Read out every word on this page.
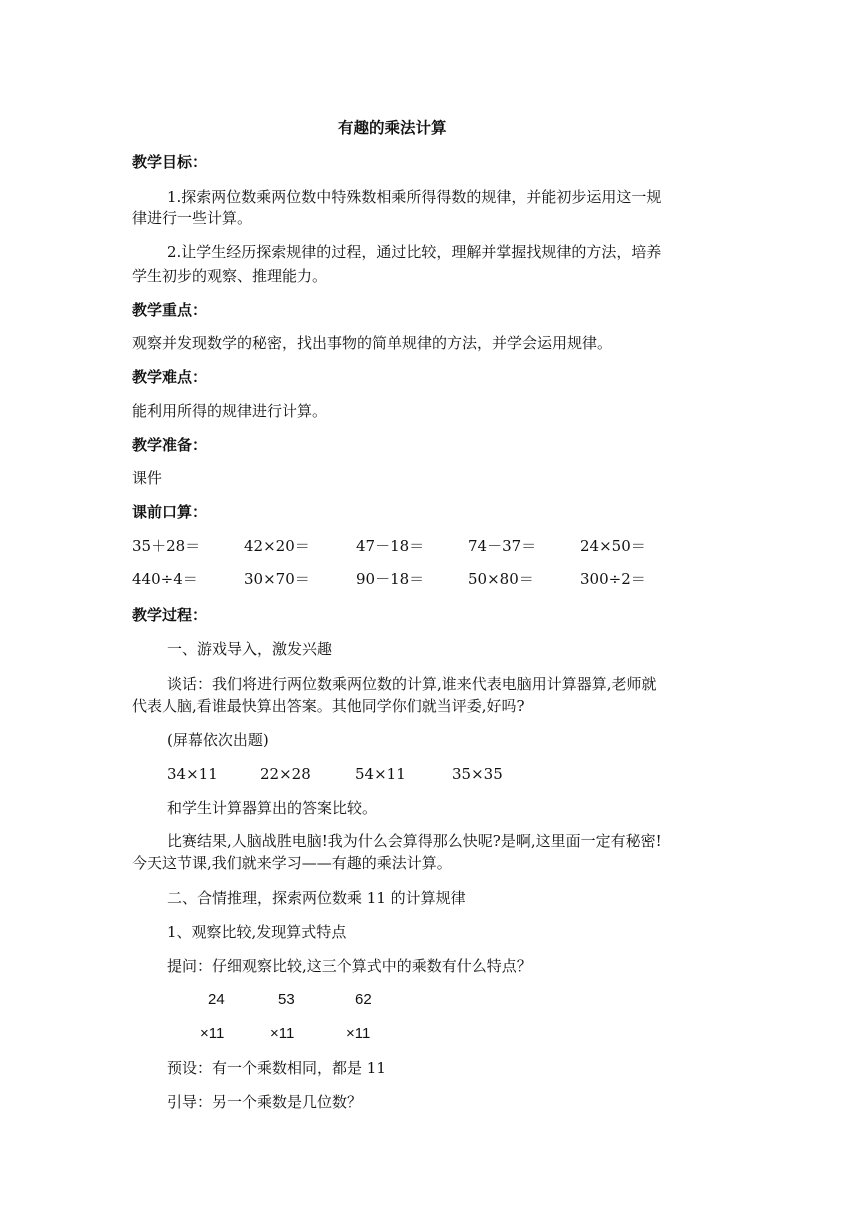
有趣的乘法计算
教学目标：
1.探索两位数乘两位数中特殊数相乘所得得数的规律，并能初步运用这一规
律进行一些计算。
2.让学生经历探索规律的过程，通过比较，理解并掌握找规律的方法，培养
学生初步的观察、推理能力。
教学重点：
观察并发现数学的秘密，找出事物的简单规律的方法，并学会运用规律。
教学难点：
能利用所得的规律进行计算。
教学准备：
课件
课前口算：
35＋28＝	42×20＝	47－18＝	74－37＝	24×50＝
440÷4＝	30×70＝	90－18＝	50×80＝	300÷2＝
教学过程：
一、游戏导入，激发兴趣
谈话：我们将进行两位数乘两位数的计算,谁来代表电脑用计算器算,老师就
代表人脑,看谁最快算出答案。其他同学你们就当评委,好吗?
(屏幕依次出题)
34×11	22×28	54×11	35×35
和学生计算器算出的答案比较。
比赛结果,人脑战胜电脑!我为什么会算得那么快呢?是啊,这里面一定有秘密!
今天这节课,我们就来学习——有趣的乘法计算。
二、合情推理，探索两位数乘 11 的计算规律
1、观察比较,发现算式特点
提问：仔细观察比较,这三个算式中的乘数有什么特点？
24	53	62
×11	×11	×11
预设：有一个乘数相同，都是 11
引导：另一个乘数是几位数？
